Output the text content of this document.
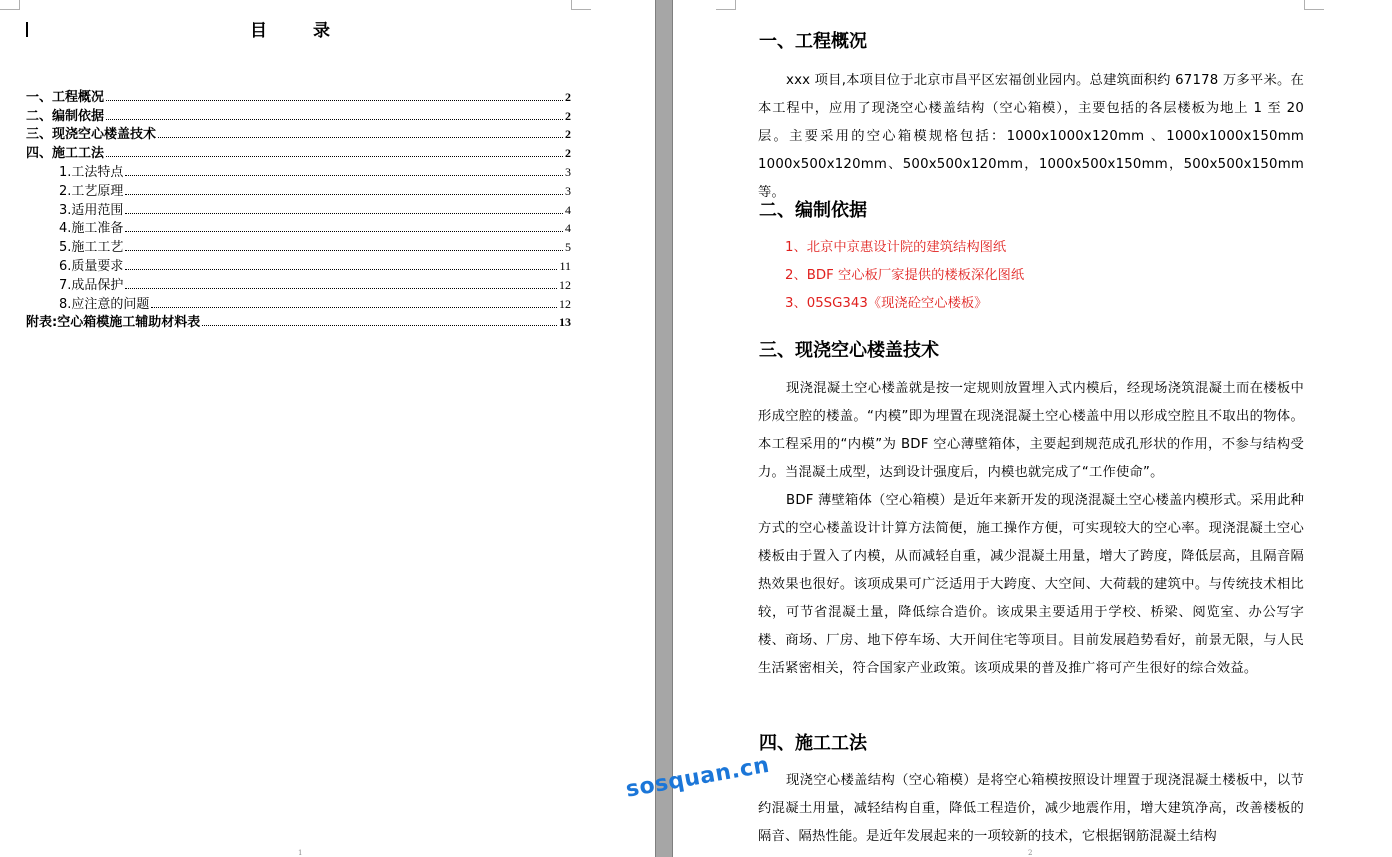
目 录
一、工程概况	2
二、编制依据	2
三、现浇空心楼盖技术	2
四、施工工法	2
1.工法特点	3
2.工艺原理	3
3.适用范围	4
4.施工准备	4
5.施工工艺	5
6.质量要求	11
7.成品保护	12
8.应注意的问题	12
附表:空心箱模施工辅助材料表	13
1
一、工程概况
xxx 项目,本项目位于北京市昌平区宏福创业园内。总建筑面积约 67178 万多平米。在本工程中，应用了现浇空心楼盖结构（空心箱模），主要包括的各层楼板为地上 1 至 20 层。主要采用的空心箱模规格包括：1000x1000x120mm 、1000x1000x150mm 1000x500x120mm、500x500x120mm，1000x500x150mm，500x500x150mm 等。
二、编制依据
1、北京中京惠设计院的建筑结构图纸
2、BDF 空心板厂家提供的楼板深化图纸
3、05SG343《现浇砼空心楼板》
三、现浇空心楼盖技术
现浇混凝土空心楼盖就是按一定规则放置埋入式内模后，经现场浇筑混凝土而在楼板中形成空腔的楼盖。“内模”即为埋置在现浇混凝土空心楼盖中用以形成空腔且不取出的物体。本工程采用的“内模”为 BDF 空心薄壁箱体，主要起到规范成孔形状的作用，不参与结构受力。当混凝土成型，达到设计强度后，内模也就完成了“工作使命”。
BDF 薄壁箱体（空心箱模）是近年来新开发的现浇混凝土空心楼盖内模形式。采用此种方式的空心楼盖设计计算方法简便，施工操作方便，可实现较大的空心率。现浇混凝土空心楼板由于置入了内模，从而减轻自重，减少混凝土用量，增大了跨度，降低层高，且隔音隔热效果也很好。该项成果可广泛适用于大跨度、大空间、大荷载的建筑中。与传统技术相比较，可节省混凝土量，降低综合造价。该成果主要适用于学校、桥梁、阅览室、办公写字楼、商场、厂房、地下停车场、大开间住宅等项目。目前发展趋势看好，前景无限，与人民生活紧密相关，符合国家产业政策。该项成果的普及推广将可产生很好的综合效益。
四、施工工法
现浇空心楼盖结构（空心箱模）是将空心箱模按照设计埋置于现浇混凝土楼板中，以节约混凝土用量，减轻结构自重，降低工程造价，减少地震作用，增大建筑净高，改善楼板的隔音、隔热性能。是近年发展起来的一项较新的技术，它根据钢筋混凝土结构
2
sosquan.cn
